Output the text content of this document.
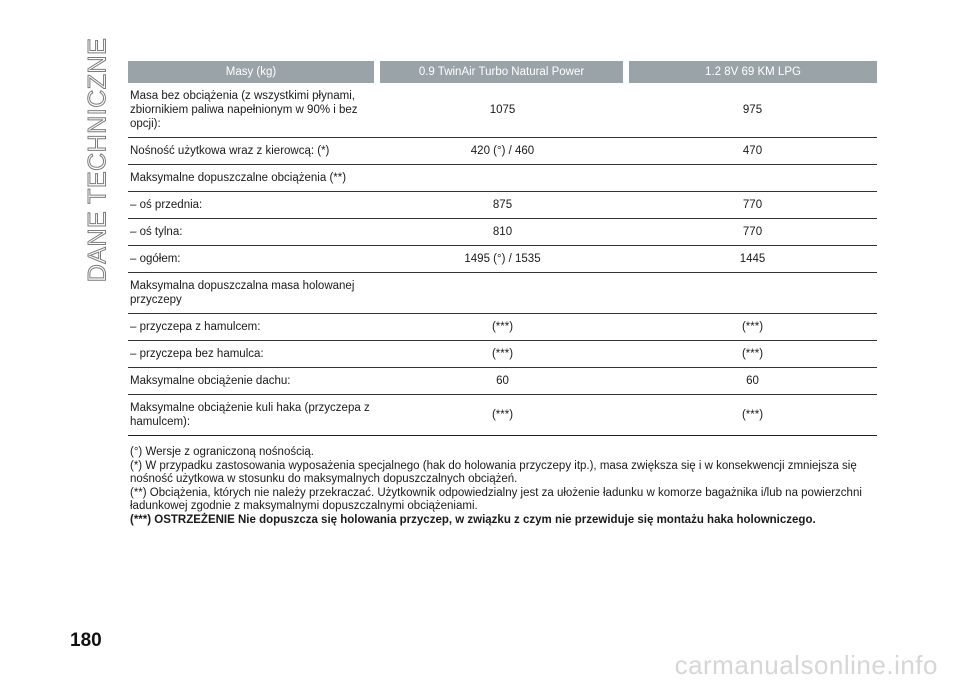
DANE TECHNICZNE	Masy (kg)	0.9 TwinAir Turbo Natural Power	1.2 8V 69 KM LPG
Masa bez obciążenia (z wszystkimi płynami, zbiornikiem paliwa napełnionym w 90% i bez opcji):	1075	975
Nośność użytkowa wraz z kierowcą: (*)	420 (°) / 460	470
Maksymalne dopuszczalne obciążenia (**)		
– oś przednia:	875	770
– oś tylna:	810	770
– ogółem:	1495 (°) / 1535	1445
Maksymalna dopuszczalna masa holowanej przyczepy		
– przyczepa z hamulcem:	(***)	(***)
– przyczepa bez hamulca:	(***)	(***)
Maksymalne obciążenie dachu:	60	60
Maksymalne obciążenie kuli haka (przyczepa z hamulcem):	(***)	(***)

(°) Wersje z ograniczoną nośnością.

(*) W przypadku zastosowania wyposażenia specjalnego (hak do holowania przyczepy itp.), masa zwiększa się i w konsekwencji zmniejsza się nośność użytkowa w stosunku do maksymalnych dopuszczalnych obciążeń.

(**) Obciążenia, których nie należy przekraczać. Użytkownik odpowiedzialny jest za ułożenie ładunku w komorze bagażnika i/lub na powierzchni ładunkowej zgodnie z maksymalnymi dopuszczalnymi obciążeniami.

(***) OSTRZEŻENIE Nie dopuszcza się holowania przyczep, w związku z czym nie przewiduje się montażu haka holowniczego.

180
carmanualsonline.info
